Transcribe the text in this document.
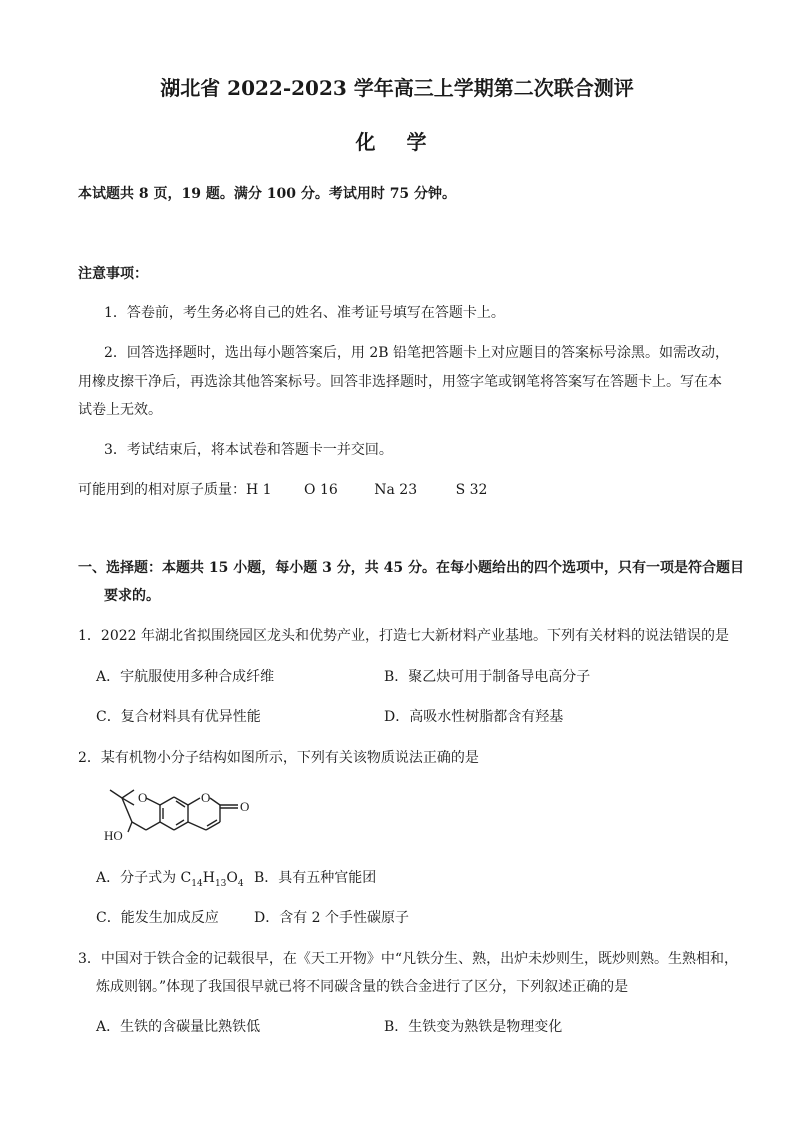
湖北省 2022-2023 学年高三上学期第二次联合测评
化 学
本试题共 8 页，19 题。满分 100 分。考试用时 75 分钟。
注意事项：
1．答卷前，考生务必将自己的姓名、准考证号填写在答题卡上。
2．回答选择题时，选出每小题答案后，用 2B 铅笔把答题卡上对应题目的答案标号涂黑。如需改动，
用橡皮擦干净后，再选涂其他答案标号。回答非选择题时，用签字笔或钢笔将答案写在答题卡上。写在本
试卷上无效。
3．考试结束后，将本试卷和答题卡一并交回。
可能用到的相对原子质量：H 1 O 16	Na 23	S 32
一、选择题：本题共 15 小题，每小题 3 分，共 45 分。在每小题给出的四个选项中，只有一项是符合题目
要求的。
1．2022 年湖北省拟围绕园区龙头和优势产业，打造七大新材料产业基地。下列有关材料的说法错误的是
A．宇航服使用多种合成纤维	B．聚乙炔可用于制备导电高分子
C．复合材料具有优异性能	D．高吸水性树脂都含有羟基
2．某有机物小分子结构如图所示，下列有关该物质说法正确的是
O	O
O
HO
A．分子式为 $C_{14}H_{13}O_4$ B．具有五种官能团
C．能发生加成反应	D．含有 2 个手性碳原子
3．中国对于铁合金的记载很早，在《天工开物》中“凡铁分生、熟，出炉未炒则生，既炒则熟。生熟相和，
炼成则钢。”体现了我国很早就已将不同碳含量的铁合金进行了区分，下列叙述正确的是
A．生铁的含碳量比熟铁低	B．生铁变为熟铁是物理变化
